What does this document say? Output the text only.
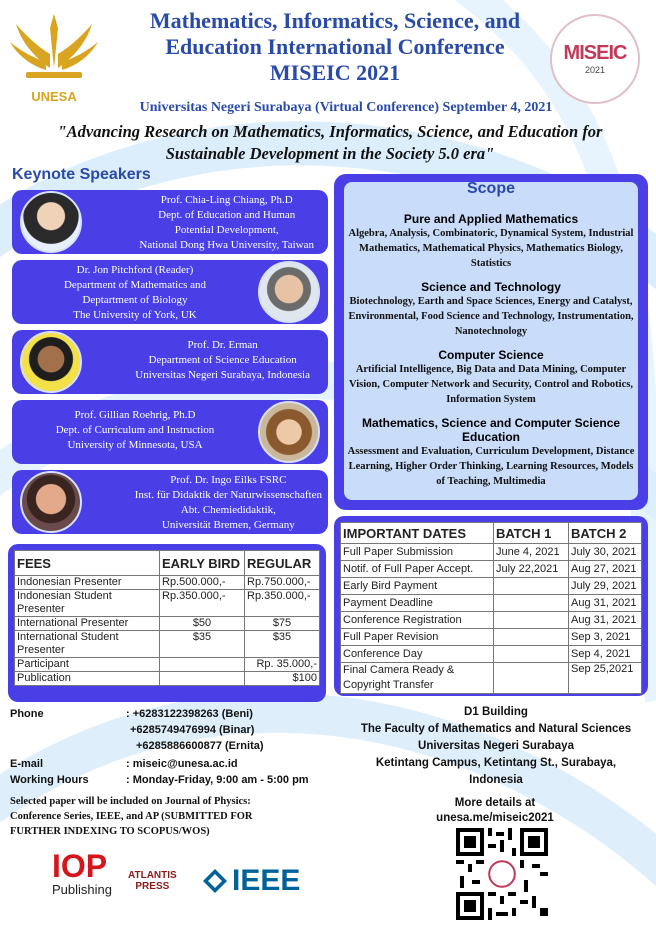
UNESA
MISEIC
2021
Mathematics, Informatics, Science, and
Education International Conference
MISEIC 2021
Universitas Negeri Surabaya (Virtual Conference) September 4, 2021
"Advancing Research on Mathematics, Informatics, Science, and Education for
Sustainable Development in the Society 5.0 era"
Keynote Speakers
Prof. Chia-Ling Chiang, Ph.D
Dept. of Education and Human
Potential Development,
National Dong Hwa University, Taiwan
Dr. Jon Pitchford (Reader)
Department of Mathematics and
Deptartment of Biology
The University of York, UK
Prof. Dr. Erman
Department of Science Education
Universitas Negeri Surabaya, Indonesia
Prof. Gillian Roehrig, Ph.D
Dept. of Curriculum and Instruction
University of Minnesota, USA
Prof. Dr. Ingo Eilks FSRC
Inst. für Didaktik der Naturwissenschaften
Abt. Chemiedidaktik,
Universität Bremen, Germany
Scope
Pure and Applied Mathematics
Algebra, Analysis, Combinatoric, Dynamical System, Industrial Mathematics, Mathematical Physics, Mathematics Biology, Statistics
Science and Technology
Biotechnology, Earth and Space Sciences, Energy and Catalyst, Environmental, Food Science and Technology, Instrumentation, Nanotechnology
Computer Science
Artificial Intelligence, Big Data and Data Mining, Computer Vision, Computer Network and Security, Control and Robotics, Information System
Mathematics, Science and Computer Science Education
Assessment and Evaluation, Curriculum Development, Distance Learning, Higher Order Thinking, Learning Resources, Models of Teaching, Multimedia
IMPORTANT DATES	BATCH 1	BATCH 2
Full Paper Submission	June 4, 2021	July 30, 2021
Notif. of Full Paper Accept.	July 22,2021	Aug 27, 2021
Early Bird Payment		July 29, 2021
Payment Deadline		Aug 31, 2021
Conference Registration		Aug 31, 2021
Full Paper Revision		Sep 3, 2021
Conference Day		Sep 4, 2021
Final Camera Ready & Copyright Transfer		Sep 25,2021
FEES	EARLY BIRD	REGULAR
Indonesian Presenter	Rp.500.000,-	Rp.750.000,-
Indonesian Student Presenter	Rp.350.000,-	Rp.350.000,-
International Presenter	$50	$75
International Student Presenter	$35	$35
Participant		Rp. 35.000,-
Publication		$100
Phone	: +6283122398263 (Beni)
+6285749476994 (Binar)
+6285886600877 (Ernita)
E-mail	: miseic@unesa.ac.id
Working Hours	: Monday-Friday, 9:00 am - 5:00 pm
Selected paper will be included on Journal of Physics:
Conference Series, IEEE, and AP (SUBMITTED FOR
FURTHER INDEXING TO SCOPUS/WOS)
IOP
Publishing
ATLANTIS
PRESS IEEE
D1 Building
The Faculty of Mathematics and Natural Sciences
Universitas Negeri Surabaya
Ketintang Campus, Ketintang St., Surabaya,
Indonesia
More details at
unesa.me/miseic2021
